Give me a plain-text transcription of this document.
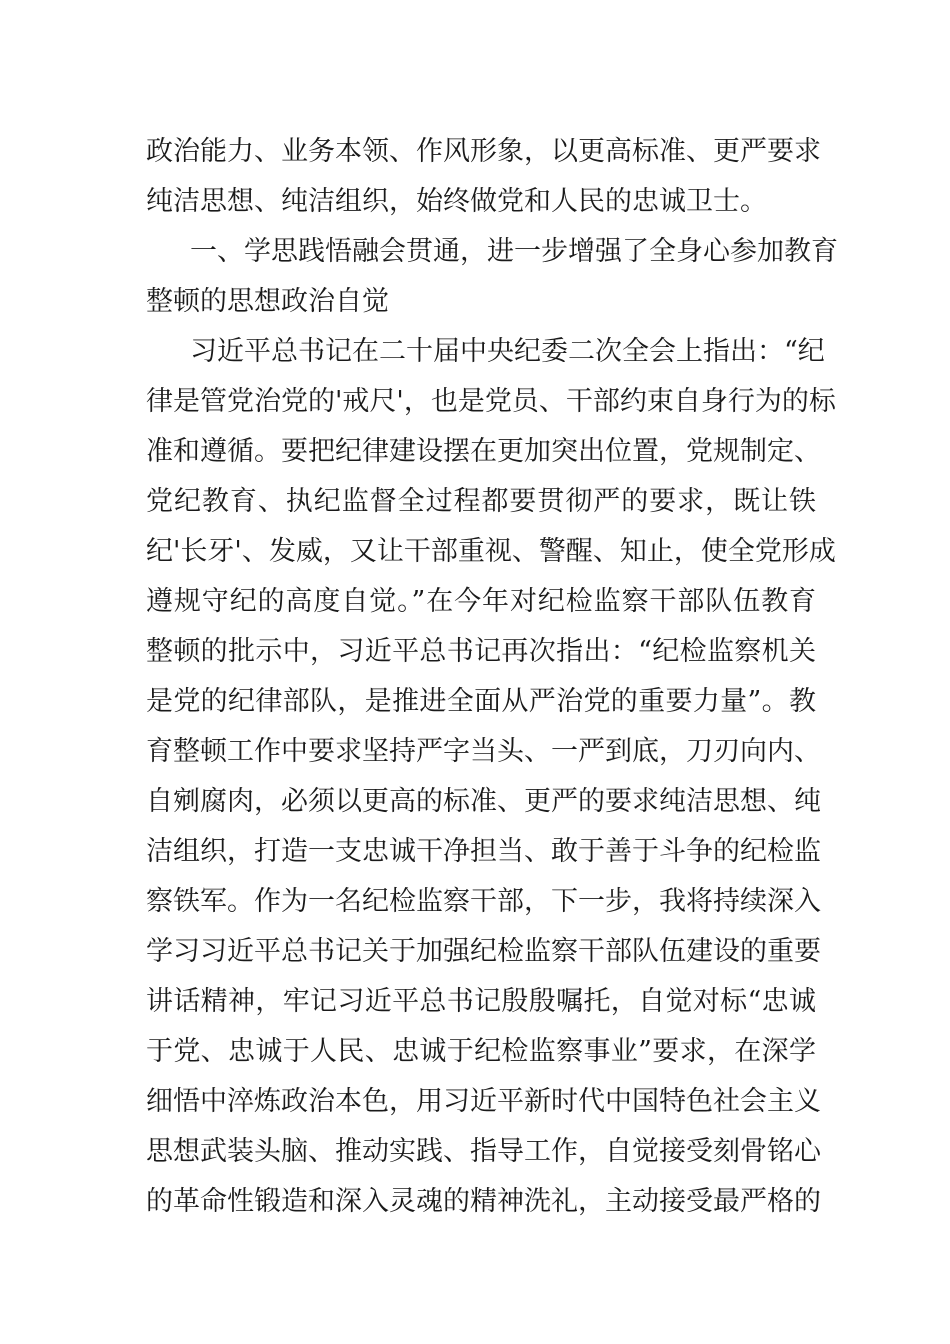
政治能力、业务本领、作风形象，以更高标准、更严要求
纯洁思想、纯洁组织，始终做党和人民的忠诚卫士。
一、学思践悟融会贯通，进一步增强了全身心参加教育
整顿的思想政治自觉
习近平总书记在二十届中央纪委二次全会上指出：“纪
律是管党治党的'戒尺'，也是党员、干部约束自身行为的标
准和遵循。要把纪律建设摆在更加突出位置，党规制定、
党纪教育、执纪监督全过程都要贯彻严的要求，既让铁
纪'长牙'、发威，又让干部重视、警醒、知止，使全党形成
遵规守纪的高度自觉。”在今年对纪检监察干部队伍教育
整顿的批示中，习近平总书记再次指出：“纪检监察机关
是党的纪律部队，是推进全面从严治党的重要力量”。教
育整顿工作中要求坚持严字当头、一严到底，刀刃向内、
自剜腐肉，必须以更高的标准、更严的要求纯洁思想、纯
洁组织，打造一支忠诚干净担当、敢于善于斗争的纪检监
察铁军。作为一名纪检监察干部，下一步，我将持续深入
学习习近平总书记关于加强纪检监察干部队伍建设的重要
讲话精神，牢记习近平总书记殷殷嘱托，自觉对标“忠诚
于党、忠诚于人民、忠诚于纪检监察事业”要求，在深学
细悟中淬炼政治本色，用习近平新时代中国特色社会主义
思想武装头脑、推动实践、指导工作，自觉接受刻骨铭心
的革命性锻造和深入灵魂的精神洗礼，主动接受最严格的
